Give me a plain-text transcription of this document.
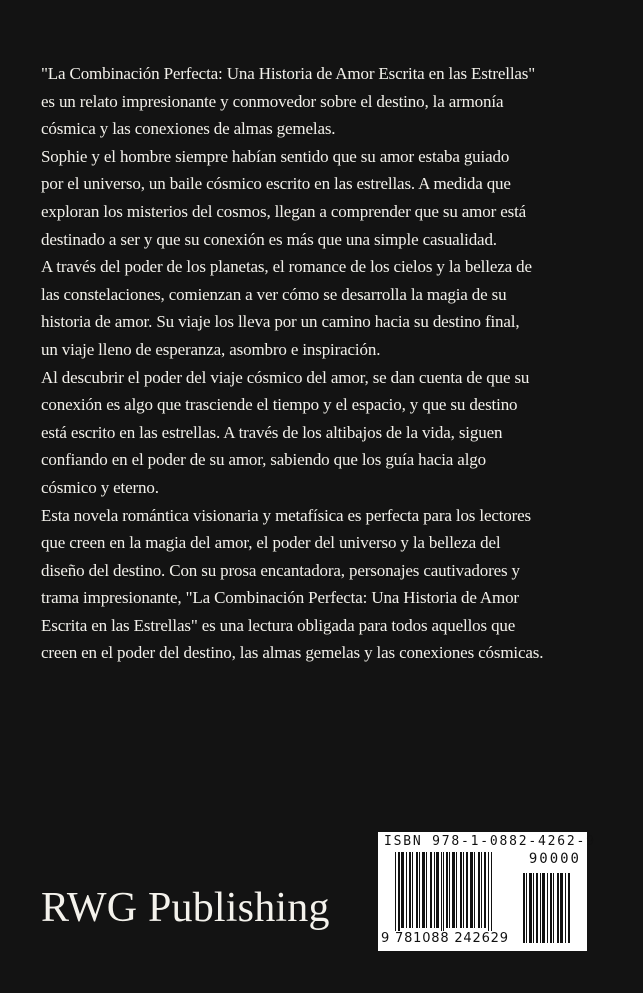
"La Combinación Perfecta: Una Historia de Amor Escrita en las Estrellas"
es un relato impresionante y conmovedor sobre el destino, la armonía
cósmica y las conexiones de almas gemelas.
Sophie y el hombre siempre habían sentido que su amor estaba guiado
por el universo, un baile cósmico escrito en las estrellas. A medida que
exploran los misterios del cosmos, llegan a comprender que su amor está
destinado a ser y que su conexión es más que una simple casualidad.
A través del poder de los planetas, el romance de los cielos y la belleza de
las constelaciones, comienzan a ver cómo se desarrolla la magia de su
historia de amor. Su viaje los lleva por un camino hacia su destino final,
un viaje lleno de esperanza, asombro e inspiración.
Al descubrir el poder del viaje cósmico del amor, se dan cuenta de que su
conexión es algo que trasciende el tiempo y el espacio, y que su destino
está escrito en las estrellas. A través de los altibajos de la vida, siguen
confiando en el poder de su amor, sabiendo que los guía hacia algo
cósmico y eterno.
Esta novela romántica visionaria y metafísica es perfecta para los lectores
que creen en la magia del amor, el poder del universo y la belleza del
diseño del destino. Con su prosa encantadora, personajes cautivadores y
trama impresionante, "La Combinación Perfecta: Una Historia de Amor
Escrita en las Estrellas" es una lectura obligada para todos aquellos que
creen en el poder del destino, las almas gemelas y las conexiones cósmicas.
RWG Publishing
ISBN 978-1-0882-4262-9
90000
9 781088 242629
